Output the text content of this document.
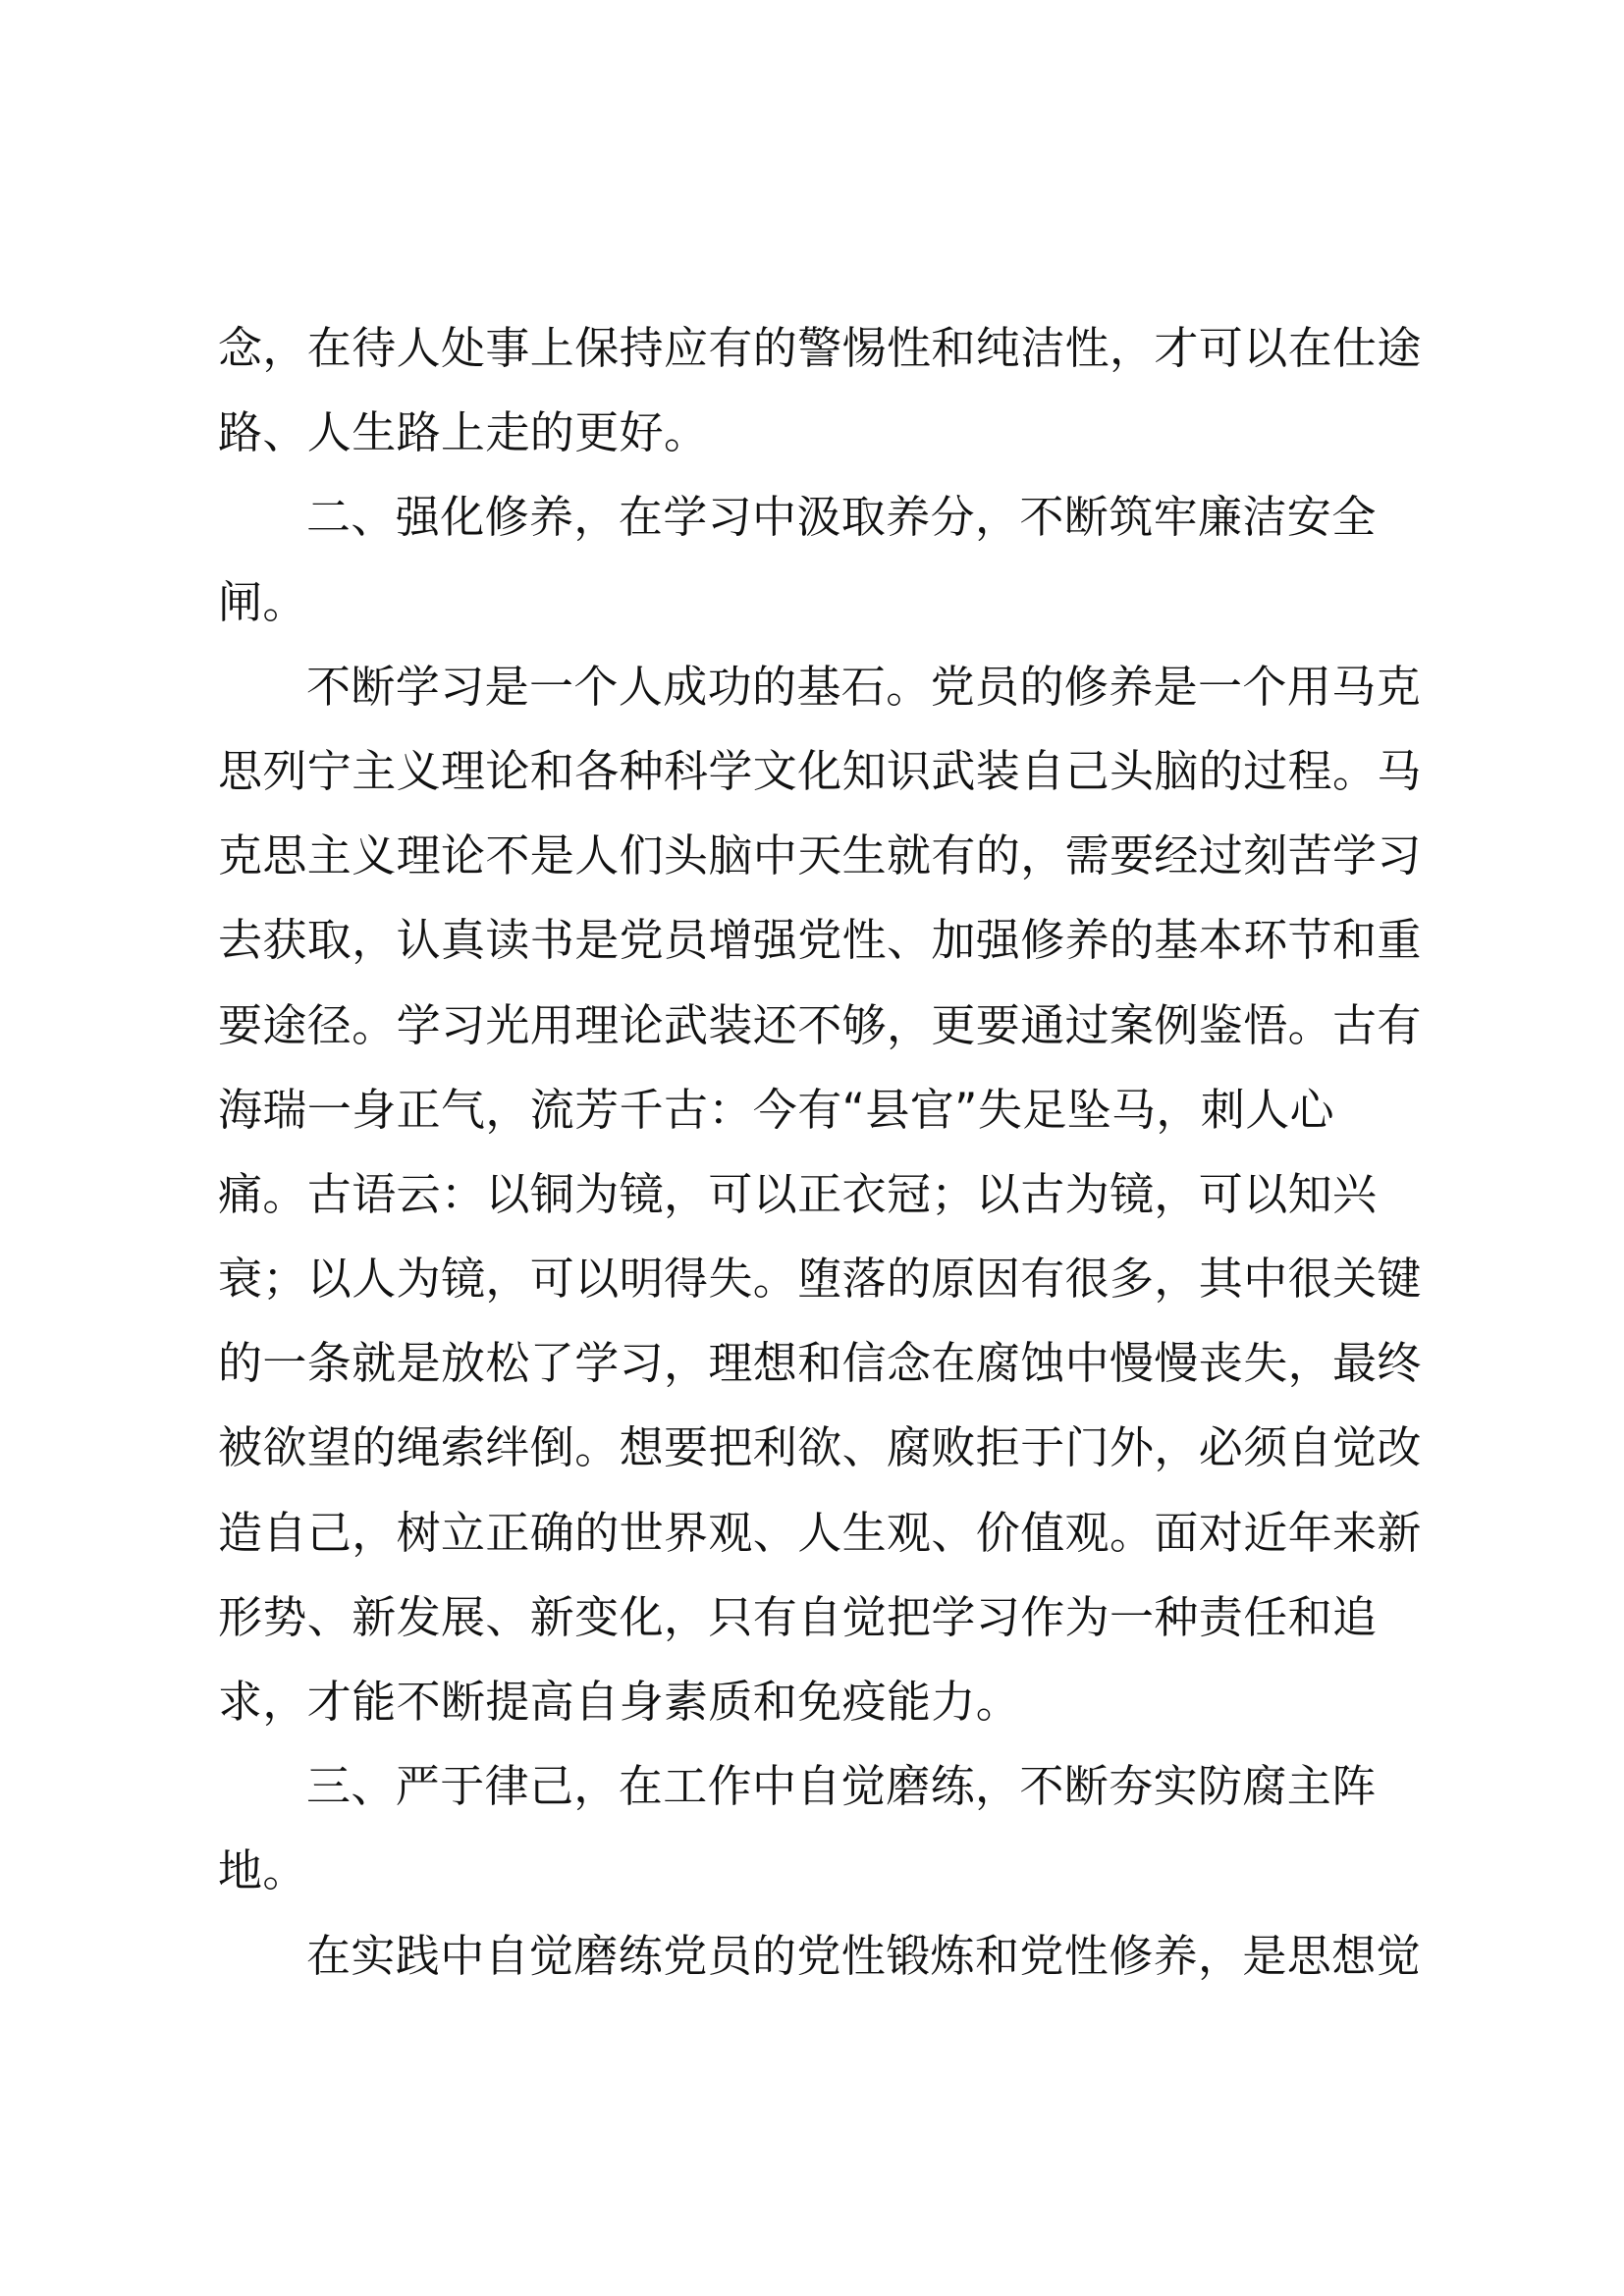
念，在待人处事上保持应有的警惕性和纯洁性，才可以在仕途
路、人生路上走的更好。
二、强化修养，在学习中汲取养分，不断筑牢廉洁安全
闸。
不断学习是一个人成功的基石。党员的修养是一个用马克
思列宁主义理论和各种科学文化知识武装自己头脑的过程。马
克思主义理论不是人们头脑中天生就有的，需要经过刻苦学习
去获取，认真读书是党员增强党性、加强修养的基本环节和重
要途径。学习光用理论武装还不够，更要通过案例鉴悟。古有
海瑞一身正气，流芳千古：今有“县官”失足坠马，刺人心
痛。古语云：以铜为镜，可以正衣冠；以古为镜，可以知兴
衰；以人为镜，可以明得失。堕落的原因有很多，其中很关键
的一条就是放松了学习，理想和信念在腐蚀中慢慢丧失，最终
被欲望的绳索绊倒。想要把利欲、腐败拒于门外，必须自觉改
造自己，树立正确的世界观、人生观、价值观。面对近年来新
形势、新发展、新变化，只有自觉把学习作为一种责任和追
求，才能不断提高自身素质和免疫能力。
三、严于律己，在工作中自觉磨练，不断夯实防腐主阵
地。
在实践中自觉磨练党员的党性锻炼和党性修养，是思想觉
